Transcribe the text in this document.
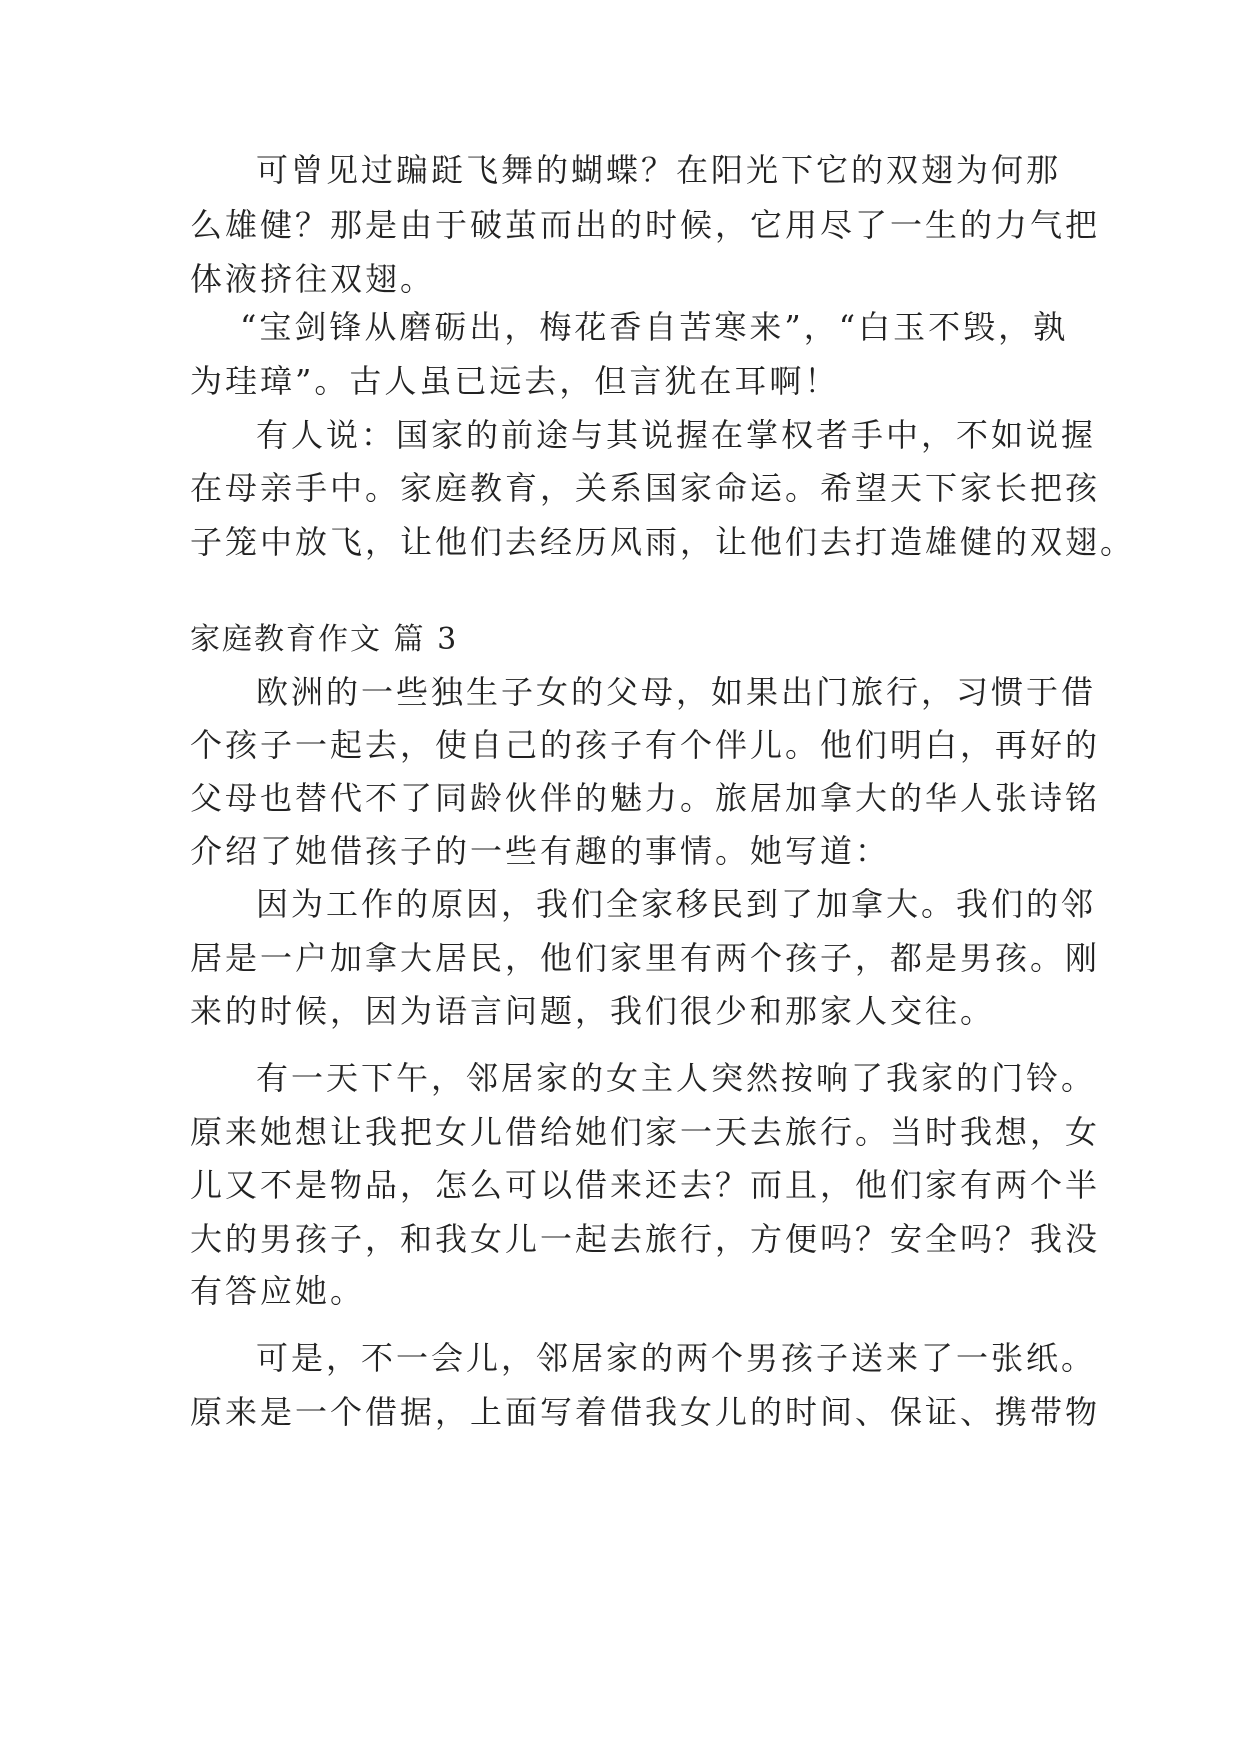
可曾见过蹁跹飞舞的蝴蝶？在阳光下它的双翅为何那
么雄健？那是由于破茧而出的时候，它用尽了一生的力气把
体液挤往双翅。
“宝剑锋从磨砺出，梅花香自苦寒来”，“白玉不毁，孰
为珪璋”。古人虽已远去，但言犹在耳啊！
有人说：国家的前途与其说握在掌权者手中，不如说握
在母亲手中。家庭教育，关系国家命运。希望天下家长把孩
子笼中放飞，让他们去经历风雨，让他们去打造雄健的双翅。
家庭教育作文 篇 3
欧洲的一些独生子女的父母，如果出门旅行，习惯于借
个孩子一起去，使自己的孩子有个伴儿。他们明白，再好的
父母也替代不了同龄伙伴的魅力。旅居加拿大的华人张诗铭
介绍了她借孩子的一些有趣的事情。她写道：
因为工作的原因，我们全家移民到了加拿大。我们的邻
居是一户加拿大居民，他们家里有两个孩子，都是男孩。刚
来的时候，因为语言问题，我们很少和那家人交往。
有一天下午，邻居家的女主人突然按响了我家的门铃。
原来她想让我把女儿借给她们家一天去旅行。当时我想，女
儿又不是物品，怎么可以借来还去？而且，他们家有两个半
大的男孩子，和我女儿一起去旅行，方便吗？安全吗？我没
有答应她。
可是，不一会儿，邻居家的两个男孩子送来了一张纸。
原来是一个借据，上面写着借我女儿的时间、保证、携带物
